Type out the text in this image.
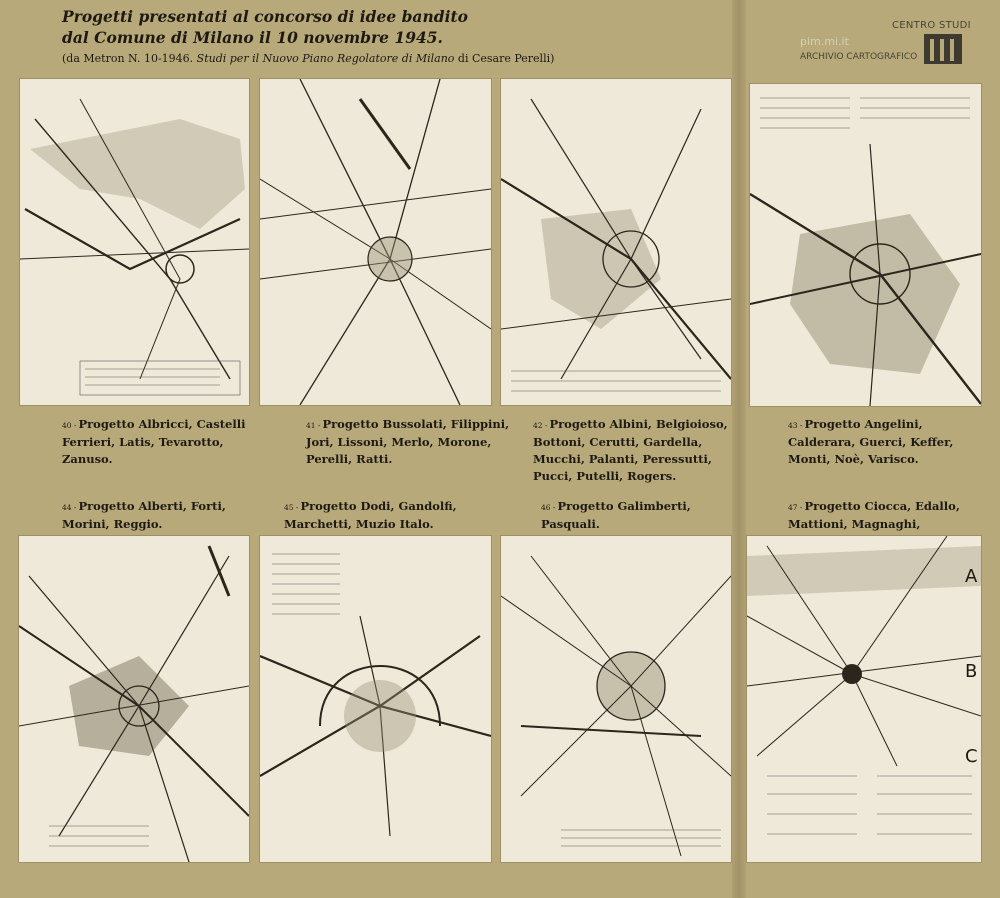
Progetti presentati al concorso di idee bandito
dal Comune di Milano il 10 novembre 1945.
(da Metron N. 10-1946. Studi per il Nuovo Piano Regolatore di Milano di Cesare Perelli)
CENTRO STUDI
pim.mi.it
ARCHIVIO CARTOGRAFICO
40 - Progetto Albricci, Castelli Ferrieri, Latis, Tevarotto, Zanuso.
41 - Progetto Bussolati, Filippini, Jori, Lissoni, Merlo, Morone, Perelli, Ratti.
42 - Progetto Albini, Belgioioso, Bottoni, Cerutti, Gardella, Mucchi, Palanti, Peressutti, Pucci, Putelli, Rogers.
43 - Progetto Angelini, Calderara, Guerci, Keffer, Monti, Noè, Varisco.
44 - Progetto Alberti, Forti, Morini, Reggio.
45 - Progetto Dodi, Gandolfi, Marchetti, Muzio Italo.
46 - Progetto Galimberti, Pasquali.
47 - Progetto Ciocca, Edallo, Mattioni, Magnaghi,
A
B
C
